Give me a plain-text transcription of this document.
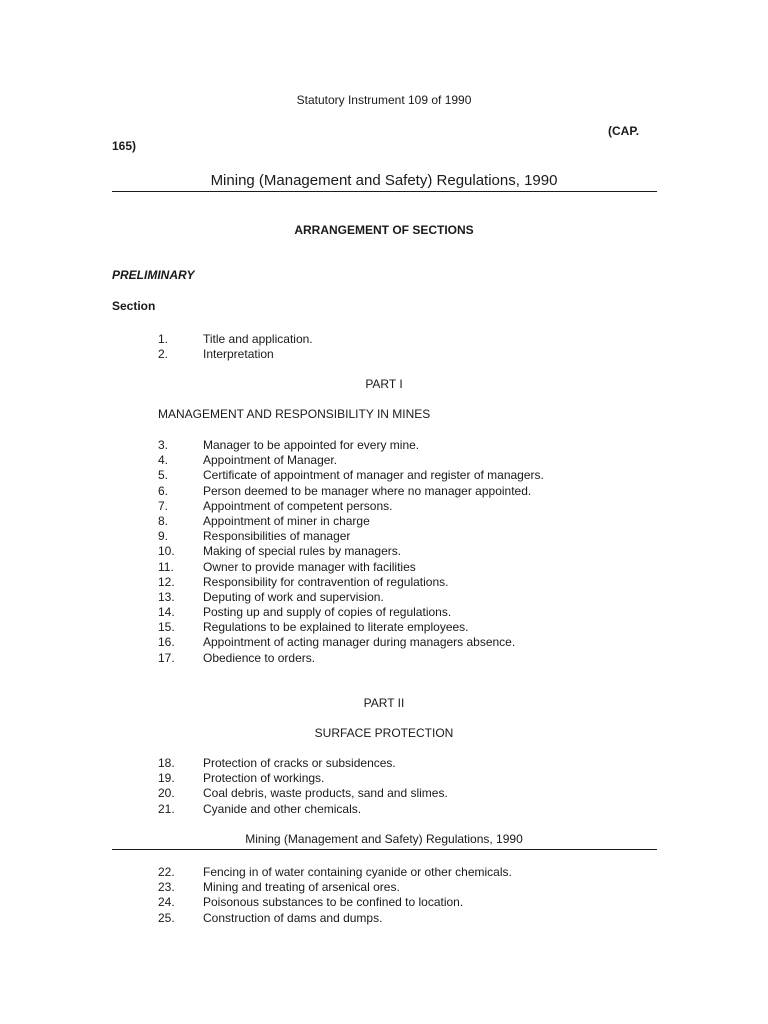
Statutory Instrument 109 of 1990
(CAP.
165)
Mining (Management and Safety) Regulations, 1990
ARRANGEMENT OF SECTIONS
PRELIMINARY
Section
1.	Title and application.
2.	Interpretation
PART I
MANAGEMENT AND RESPONSIBILITY IN MINES
3.	Manager to be appointed for every mine.
4.	Appointment of Manager.
5.	Certificate of appointment of manager and register of managers.
6.	Person deemed to be manager where no manager appointed.
7.	Appointment of competent persons.
8.	Appointment of miner in charge
9.	Responsibilities of manager
10. Making of special rules by managers.
11. Owner to provide manager with facilities
12. Responsibility for contravention of regulations.
13. Deputing of work and supervision.
14. Posting up and supply of copies of regulations.
15. Regulations to be explained to literate employees.
16. Appointment of acting manager during managers absence.
17. Obedience to orders.
PART II
SURFACE PROTECTION
18. Protection of cracks or subsidences.
19. Protection of workings.
20. Coal debris, waste products, sand and slimes.
21. Cyanide and other chemicals.
Mining (Management and Safety) Regulations, 1990
22. Fencing in of water containing cyanide or other chemicals.
23. Mining and treating of arsenical ores.
24. Poisonous substances to be confined to location.
25. Construction of dams and dumps.
